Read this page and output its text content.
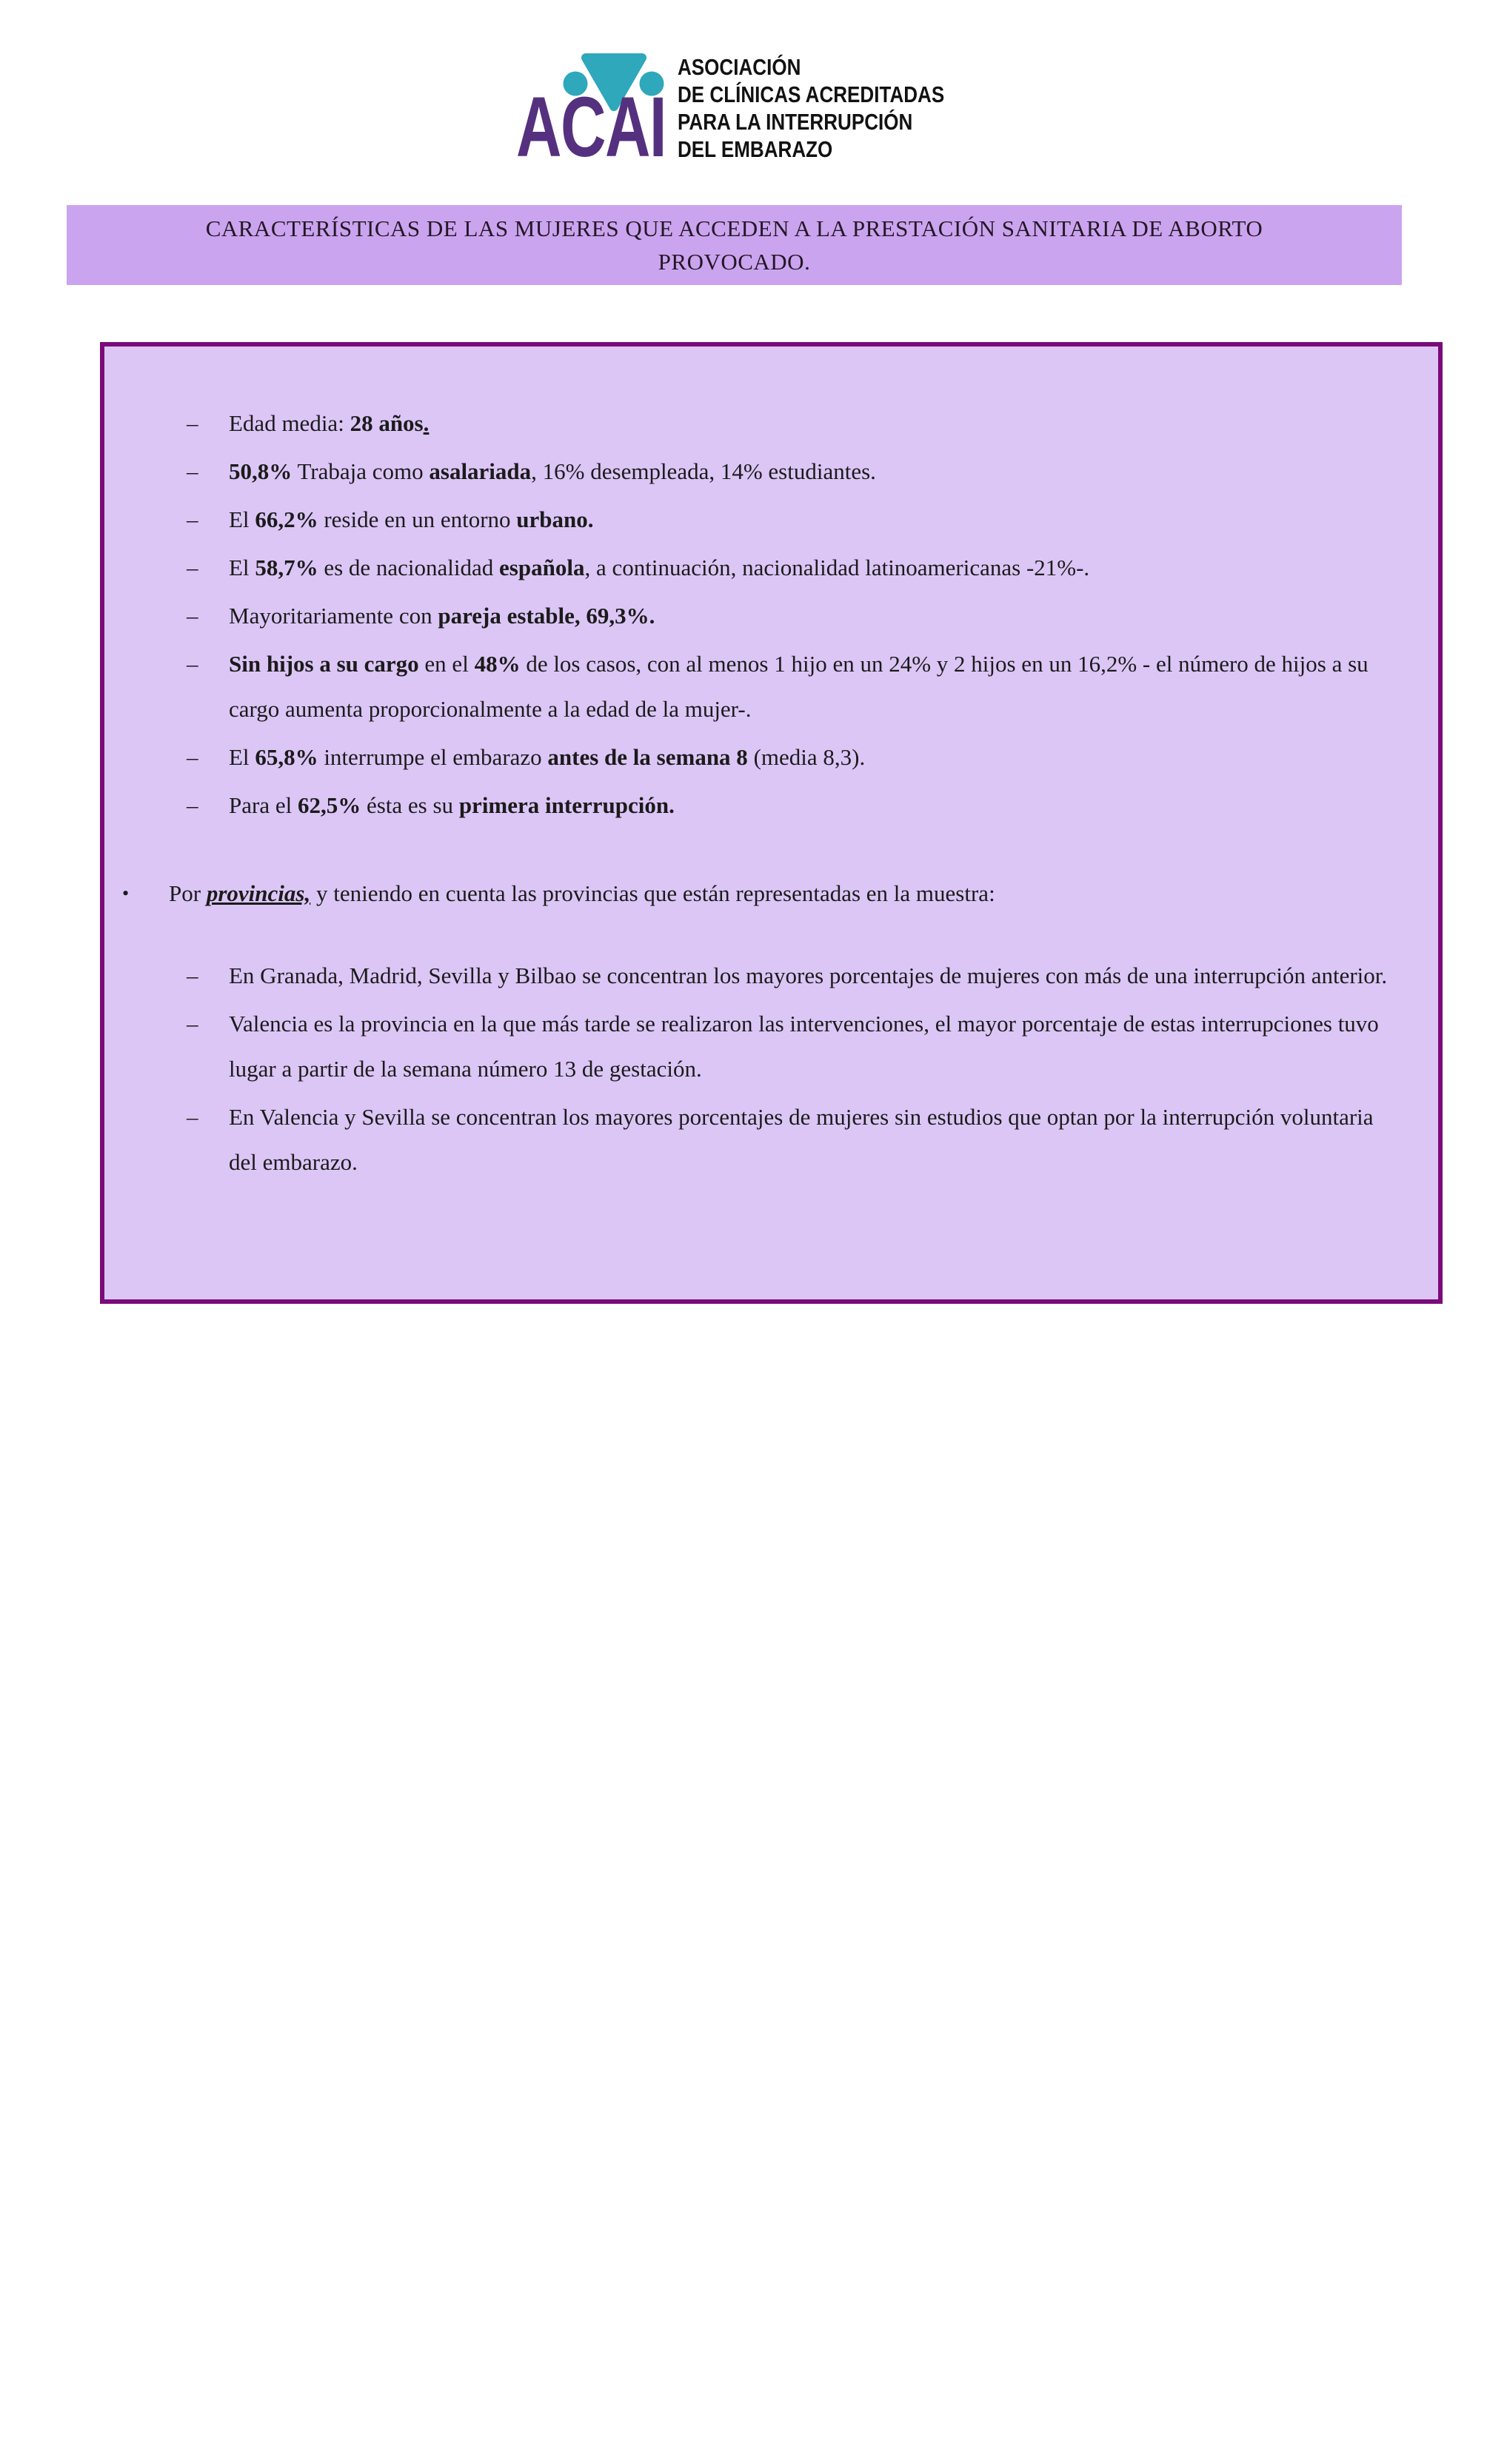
ACAI
ASOCIACIÓN
DE CLÍNICAS ACREDITADAS
PARA LA INTERRUPCIÓN
DEL EMBARAZO
CARACTERÍSTICAS DE LAS MUJERES QUE ACCEDEN A LA PRESTACIÓN SANITARIA DE ABORTO
PROVOCADO.
–	Edad media: 28 años.
–	50,8% Trabaja como asalariada, 16% desempleada, 14% estudiantes.
–	El 66,2% reside en un entorno urbano.
–	El 58,7% es de nacionalidad española, a continuación, nacionalidad latinoamericanas -21%-.
–	Mayoritariamente con pareja estable, 69,3%.
–	Sin hijos a su cargo en el 48% de los casos, con al menos 1 hijo en un 24% y 2 hijos en un 16,2% - el número de hijos a su cargo aumenta proporcionalmente a la edad de la mujer-.
–	El 65,8% interrumpe el embarazo antes de la semana 8 (media 8,3).
–	Para el 62,5% ésta es su primera interrupción.
•	Por provincias, y teniendo en cuenta las provincias que están representadas en la muestra:
–	En Granada, Madrid, Sevilla y Bilbao se concentran los mayores porcentajes de mujeres con más de una interrupción anterior.
–	Valencia es la provincia en la que más tarde se realizaron las intervenciones, el mayor porcentaje de estas interrupciones tuvo lugar a partir de la semana número 13 de gestación.
–	En Valencia y Sevilla se concentran los mayores porcentajes de mujeres sin estudios que optan por la interrupción voluntaria del embarazo.
